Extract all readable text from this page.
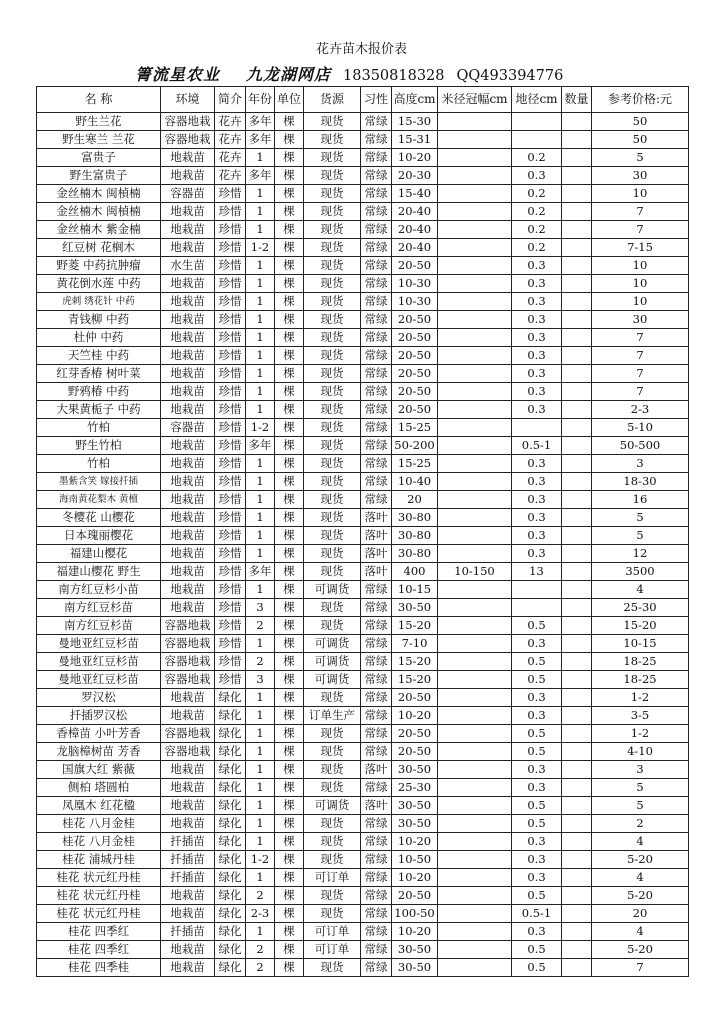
花卉苗木报价表
箐流星农业 九龙湖网店 18350818328 QQ493394776
名 称	环境	简介	年份	单位	货源	习性	高度cm	米径冠幅cm	地径cm	数量	参考价格:元
野生兰花	容器地栽	花卉	多年	棵	现货	常绿	15-30				50
野生寒兰 兰花	容器地栽	花卉	多年	棵	现货	常绿	15-31				50
富贵子	地栽苗	花卉	1	棵	现货	常绿	10-20		0.2		5
野生富贵子	地栽苗	花卉	多年	棵	现货	常绿	20-30		0.3		30
金丝楠木 闽楨楠	容器苗	珍惜	1	棵	现货	常绿	15-40		0.2		10
金丝楠木 闽楨楠	地栽苗	珍惜	1	棵	现货	常绿	20-40		0.2		7
金丝楠木 紫金楠	地栽苗	珍惜	1	棵	现货	常绿	20-40		0.2		7
红豆树 花榈木	地栽苗	珍惜	1-2	棵	现货	常绿	20-40		0.2		7-15
野菱 中药抗肿瘤	水生苗	珍惜	1	棵	现货	常绿	20-50		0.3		10
黄花倒水莲 中药	地栽苗	珍惜	1	棵	现货	常绿	10-30		0.3		10
虎刺 绣花针 中药	地栽苗	珍惜	1	棵	现货	常绿	10-30		0.3		10
青钱柳 中药	地栽苗	珍惜	1	棵	现货	常绿	20-50		0.3		30
杜仲 中药	地栽苗	珍惜	1	棵	现货	常绿	20-50		0.3		7
天竺桂 中药	地栽苗	珍惜	1	棵	现货	常绿	20-50		0.3		7
红芽香椿 树叶菜	地栽苗	珍惜	1	棵	现货	常绿	20-50		0.3		7
野鸦椿 中药	地栽苗	珍惜	1	棵	现货	常绿	20-50		0.3		7
大果黄栀子 中药	地栽苗	珍惜	1	棵	现货	常绿	20-50		0.3		2-3
竹柏	容器苗	珍惜	1-2	棵	现货	常绿	15-25				5-10
野生竹柏	地栽苗	珍惜	多年	棵	现货	常绿	50-200		0.5-1		50-500
竹柏	地栽苗	珍惜	1	棵	现货	常绿	15-25		0.3		3
墨紫含笑 嫁接扦插	地栽苗	珍惜	1	棵	现货	常绿	10-40		0.3		18-30
海南黄花梨木 黄檀	地栽苗	珍惜	1	棵	现货	常绿	20		0.3		16
冬樱花 山樱花	地栽苗	珍惜	1	棵	现货	落叶	30-80		0.3		5
日本瑰丽樱花	地栽苗	珍惜	1	棵	现货	落叶	30-80		0.3		5
福建山樱花	地栽苗	珍惜	1	棵	现货	落叶	30-80		0.3		12
福建山樱花 野生	地栽苗	珍惜	多年	棵	现货	落叶	400	10-150	13		3500
南方红豆杉小苗	地栽苗	珍惜	1	棵	可调货	常绿	10-15				4
南方红豆杉苗	地栽苗	珍惜	3	棵	现货	常绿	30-50				25-30
南方红豆杉苗	容器地栽	珍惜	2	棵	现货	常绿	15-20		0.5		15-20
曼地亚红豆杉苗	容器地栽	珍惜	1	棵	可调货	常绿	7-10		0.3		10-15
曼地亚红豆杉苗	容器地栽	珍惜	2	棵	可调货	常绿	15-20		0.5		18-25
曼地亚红豆杉苗	容器地栽	珍惜	3	棵	可调货	常绿	15-20		0.5		18-25
罗汉松	地栽苗	绿化	1	棵	现货	常绿	20-50		0.3		1-2
扦插罗汉松	地栽苗	绿化	1	棵	订单生产	常绿	10-20		0.3		3-5
香樟苗 小叶芳香	容器地栽	绿化	1	棵	现货	常绿	20-50		0.5		1-2
龙脑樟树苗 芳香	容器地栽	绿化	1	棵	现货	常绿	20-50		0.5		4-10
国旗大红 紫薇	地栽苗	绿化	1	棵	现货	落叶	30-50		0.3		3
侧柏 塔圆柏	地栽苗	绿化	1	棵	现货	常绿	25-30		0.3		5
凤凰木 红花楹	地栽苗	绿化	1	棵	可调货	落叶	30-50		0.5		5
桂花 八月金桂	地栽苗	绿化	1	棵	现货	常绿	30-50		0.5		2
桂花 八月金桂	扦插苗	绿化	1	棵	现货	常绿	10-20		0.3		4
桂花 浦城丹桂	扦插苗	绿化	1-2	棵	现货	常绿	10-50		0.3		5-20
桂花 状元红丹桂	扦插苗	绿化	1	棵	可订单	常绿	10-20		0.3		4
桂花 状元红丹桂	地栽苗	绿化	2	棵	现货	常绿	20-50		0.5		5-20
桂花 状元红丹桂	地栽苗	绿化	2-3	棵	现货	常绿	100-50		0.5-1		20
桂花 四季红	扦插苗	绿化	1	棵	可订单	常绿	10-20		0.3		4
桂花 四季红	地栽苗	绿化	2	棵	可订单	常绿	30-50		0.5		5-20
桂花 四季桂	地栽苗	绿化	2	棵	现货	常绿	30-50		0.5		7
